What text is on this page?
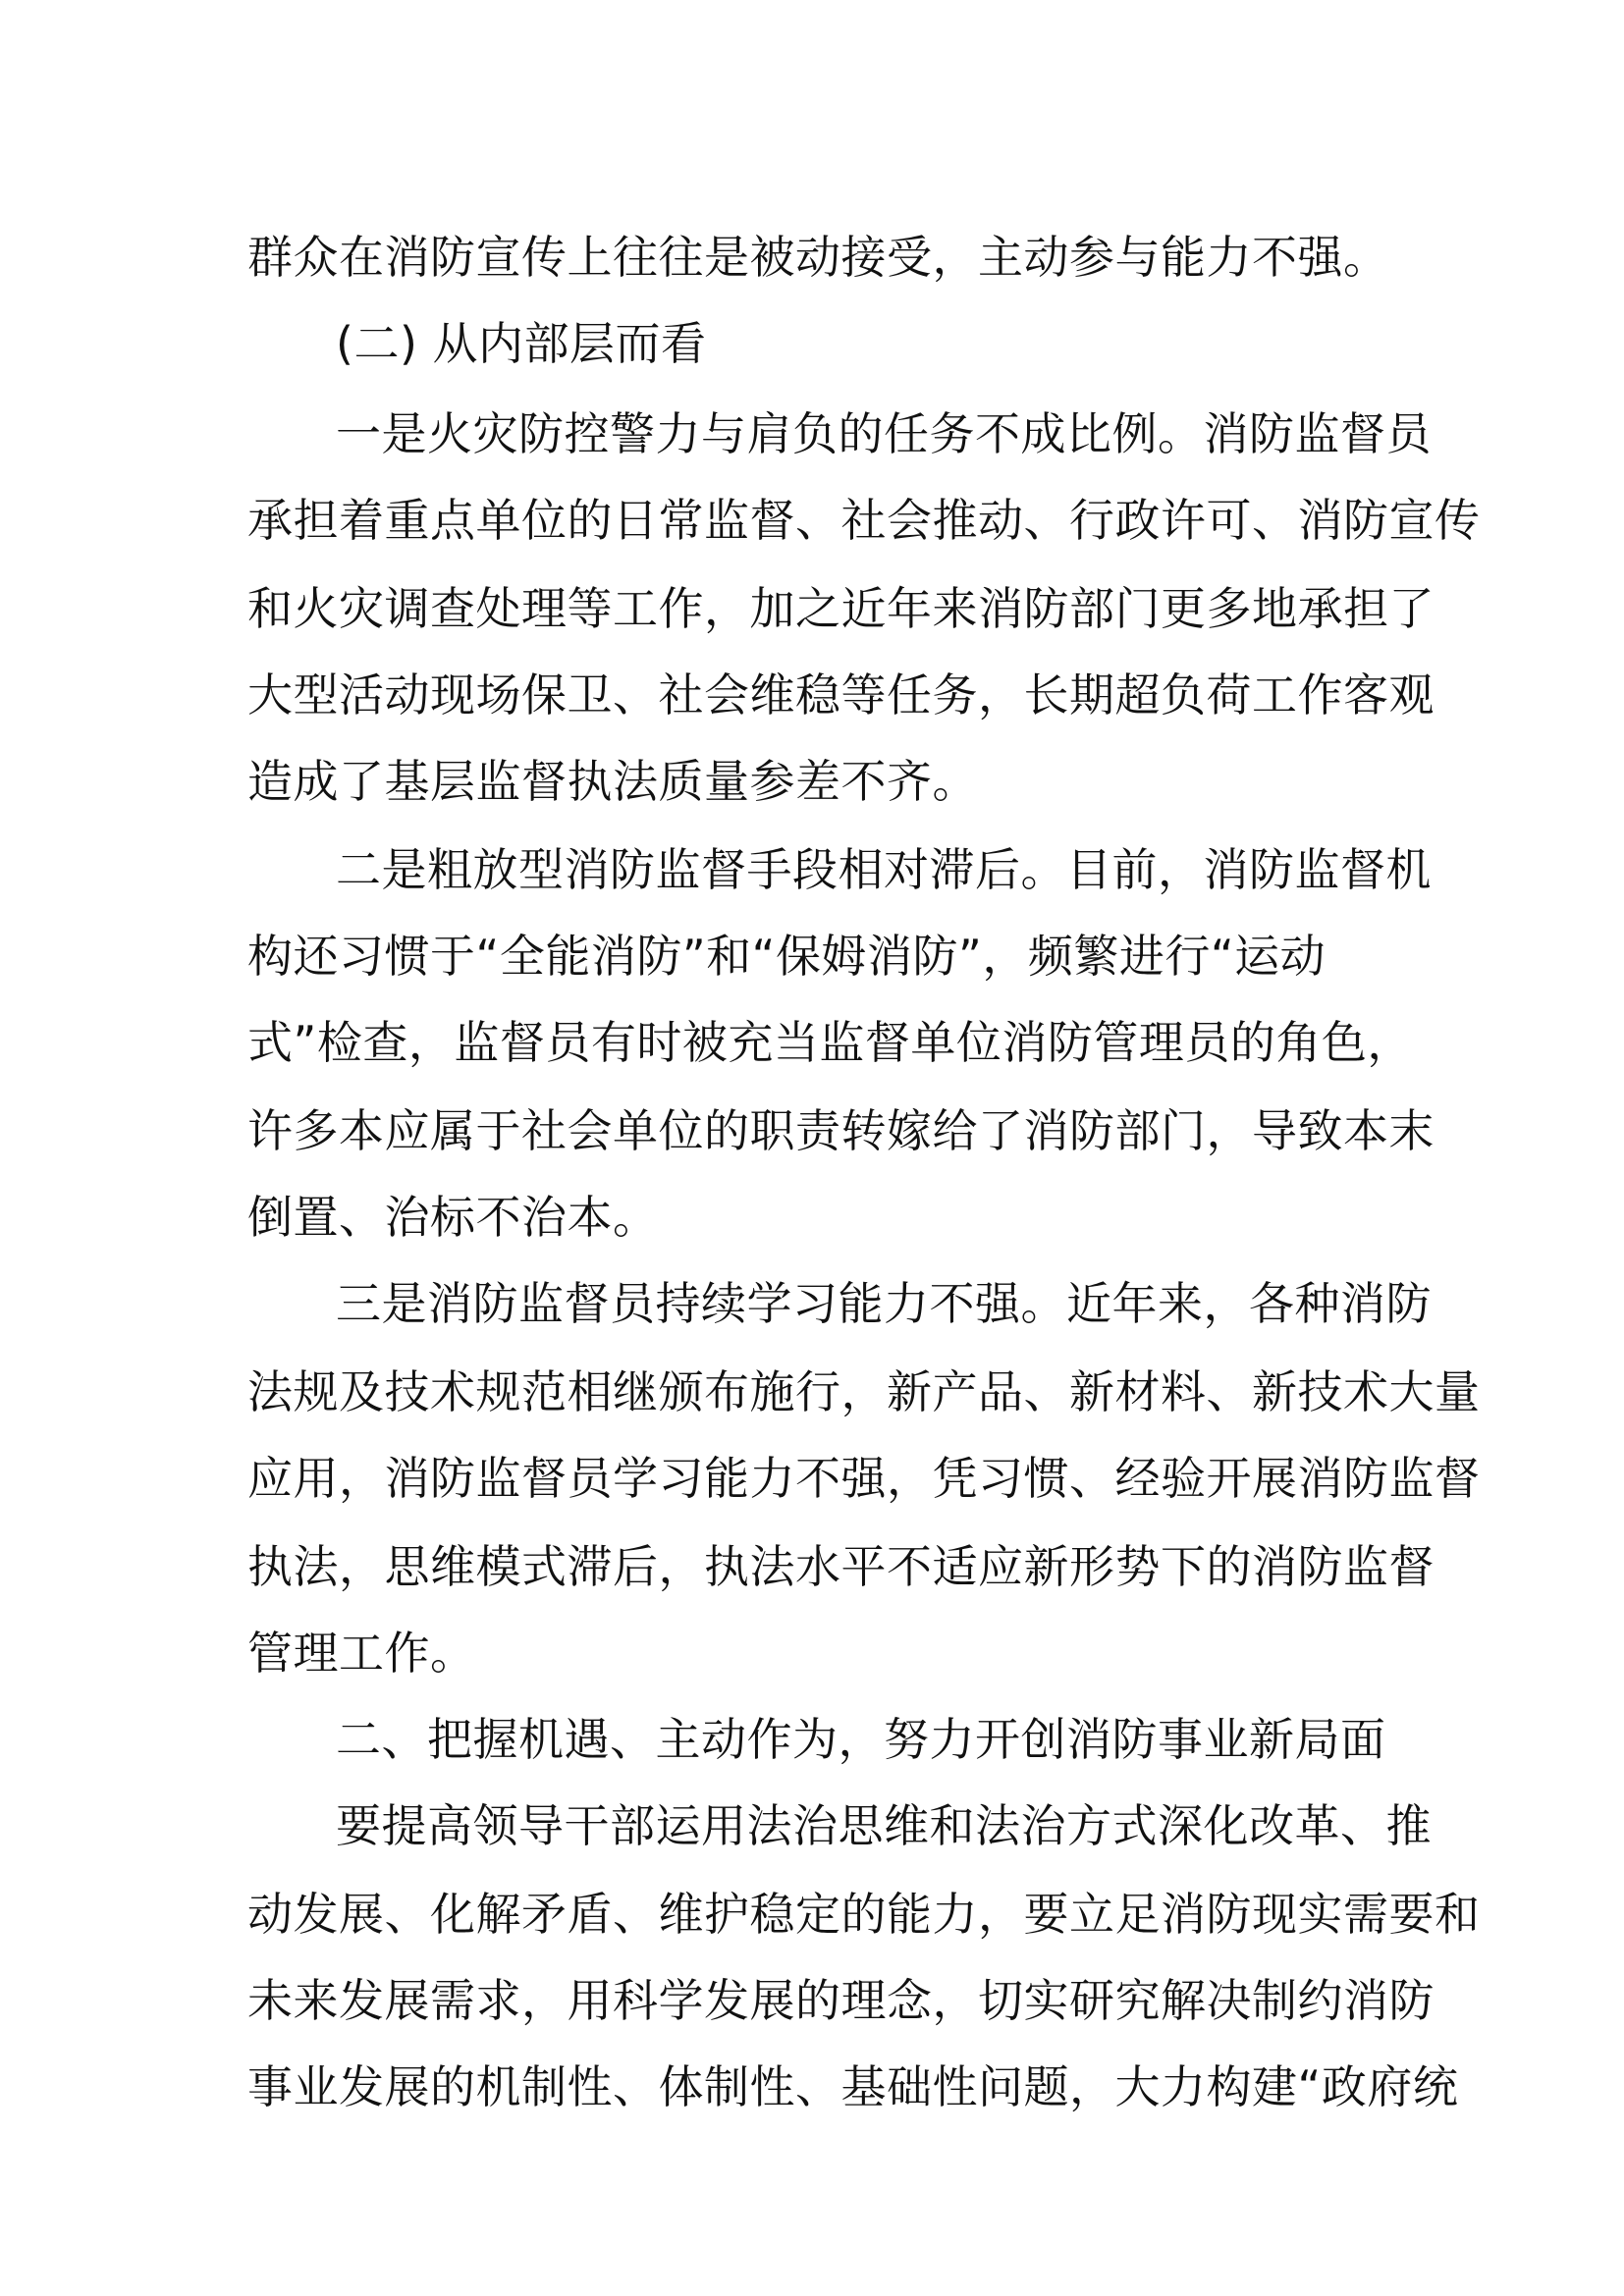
群众在消防宣传上往往是被动接受，主动参与能力不强。
(二) 从内部层而看
一是火灾防控警力与肩负的任务不成比例。消防监督员
承担着重点单位的日常监督、社会推动、行政许可、消防宣传
和火灾调查处理等工作，加之近年来消防部门更多地承担了
大型活动现场保卫、社会维稳等任务，长期超负荷工作客观
造成了基层监督执法质量参差不齐。
二是粗放型消防监督手段相对滞后。目前，消防监督机
构还习惯于“全能消防”和“保姆消防”，频繁进行“运动
式”检查，监督员有时被充当监督单位消防管理员的角色，
许多本应属于社会单位的职责转嫁给了消防部门，导致本末
倒置、治标不治本。
三是消防监督员持续学习能力不强。近年来，各种消防
法规及技术规范相继颁布施行，新产品、新材料、新技术大量
应用，消防监督员学习能力不强，凭习惯、经验开展消防监督
执法，思维模式滞后，执法水平不适应新形势下的消防监督
管理工作。
二、把握机遇、主动作为，努力开创消防事业新局面
要提高领导干部运用法治思维和法治方式深化改革、推
动发展、化解矛盾、维护稳定的能力，要立足消防现实需要和
未来发展需求，用科学发展的理念，切实研究解决制约消防
事业发展的机制性、体制性、基础性问题，大力构建“政府统
